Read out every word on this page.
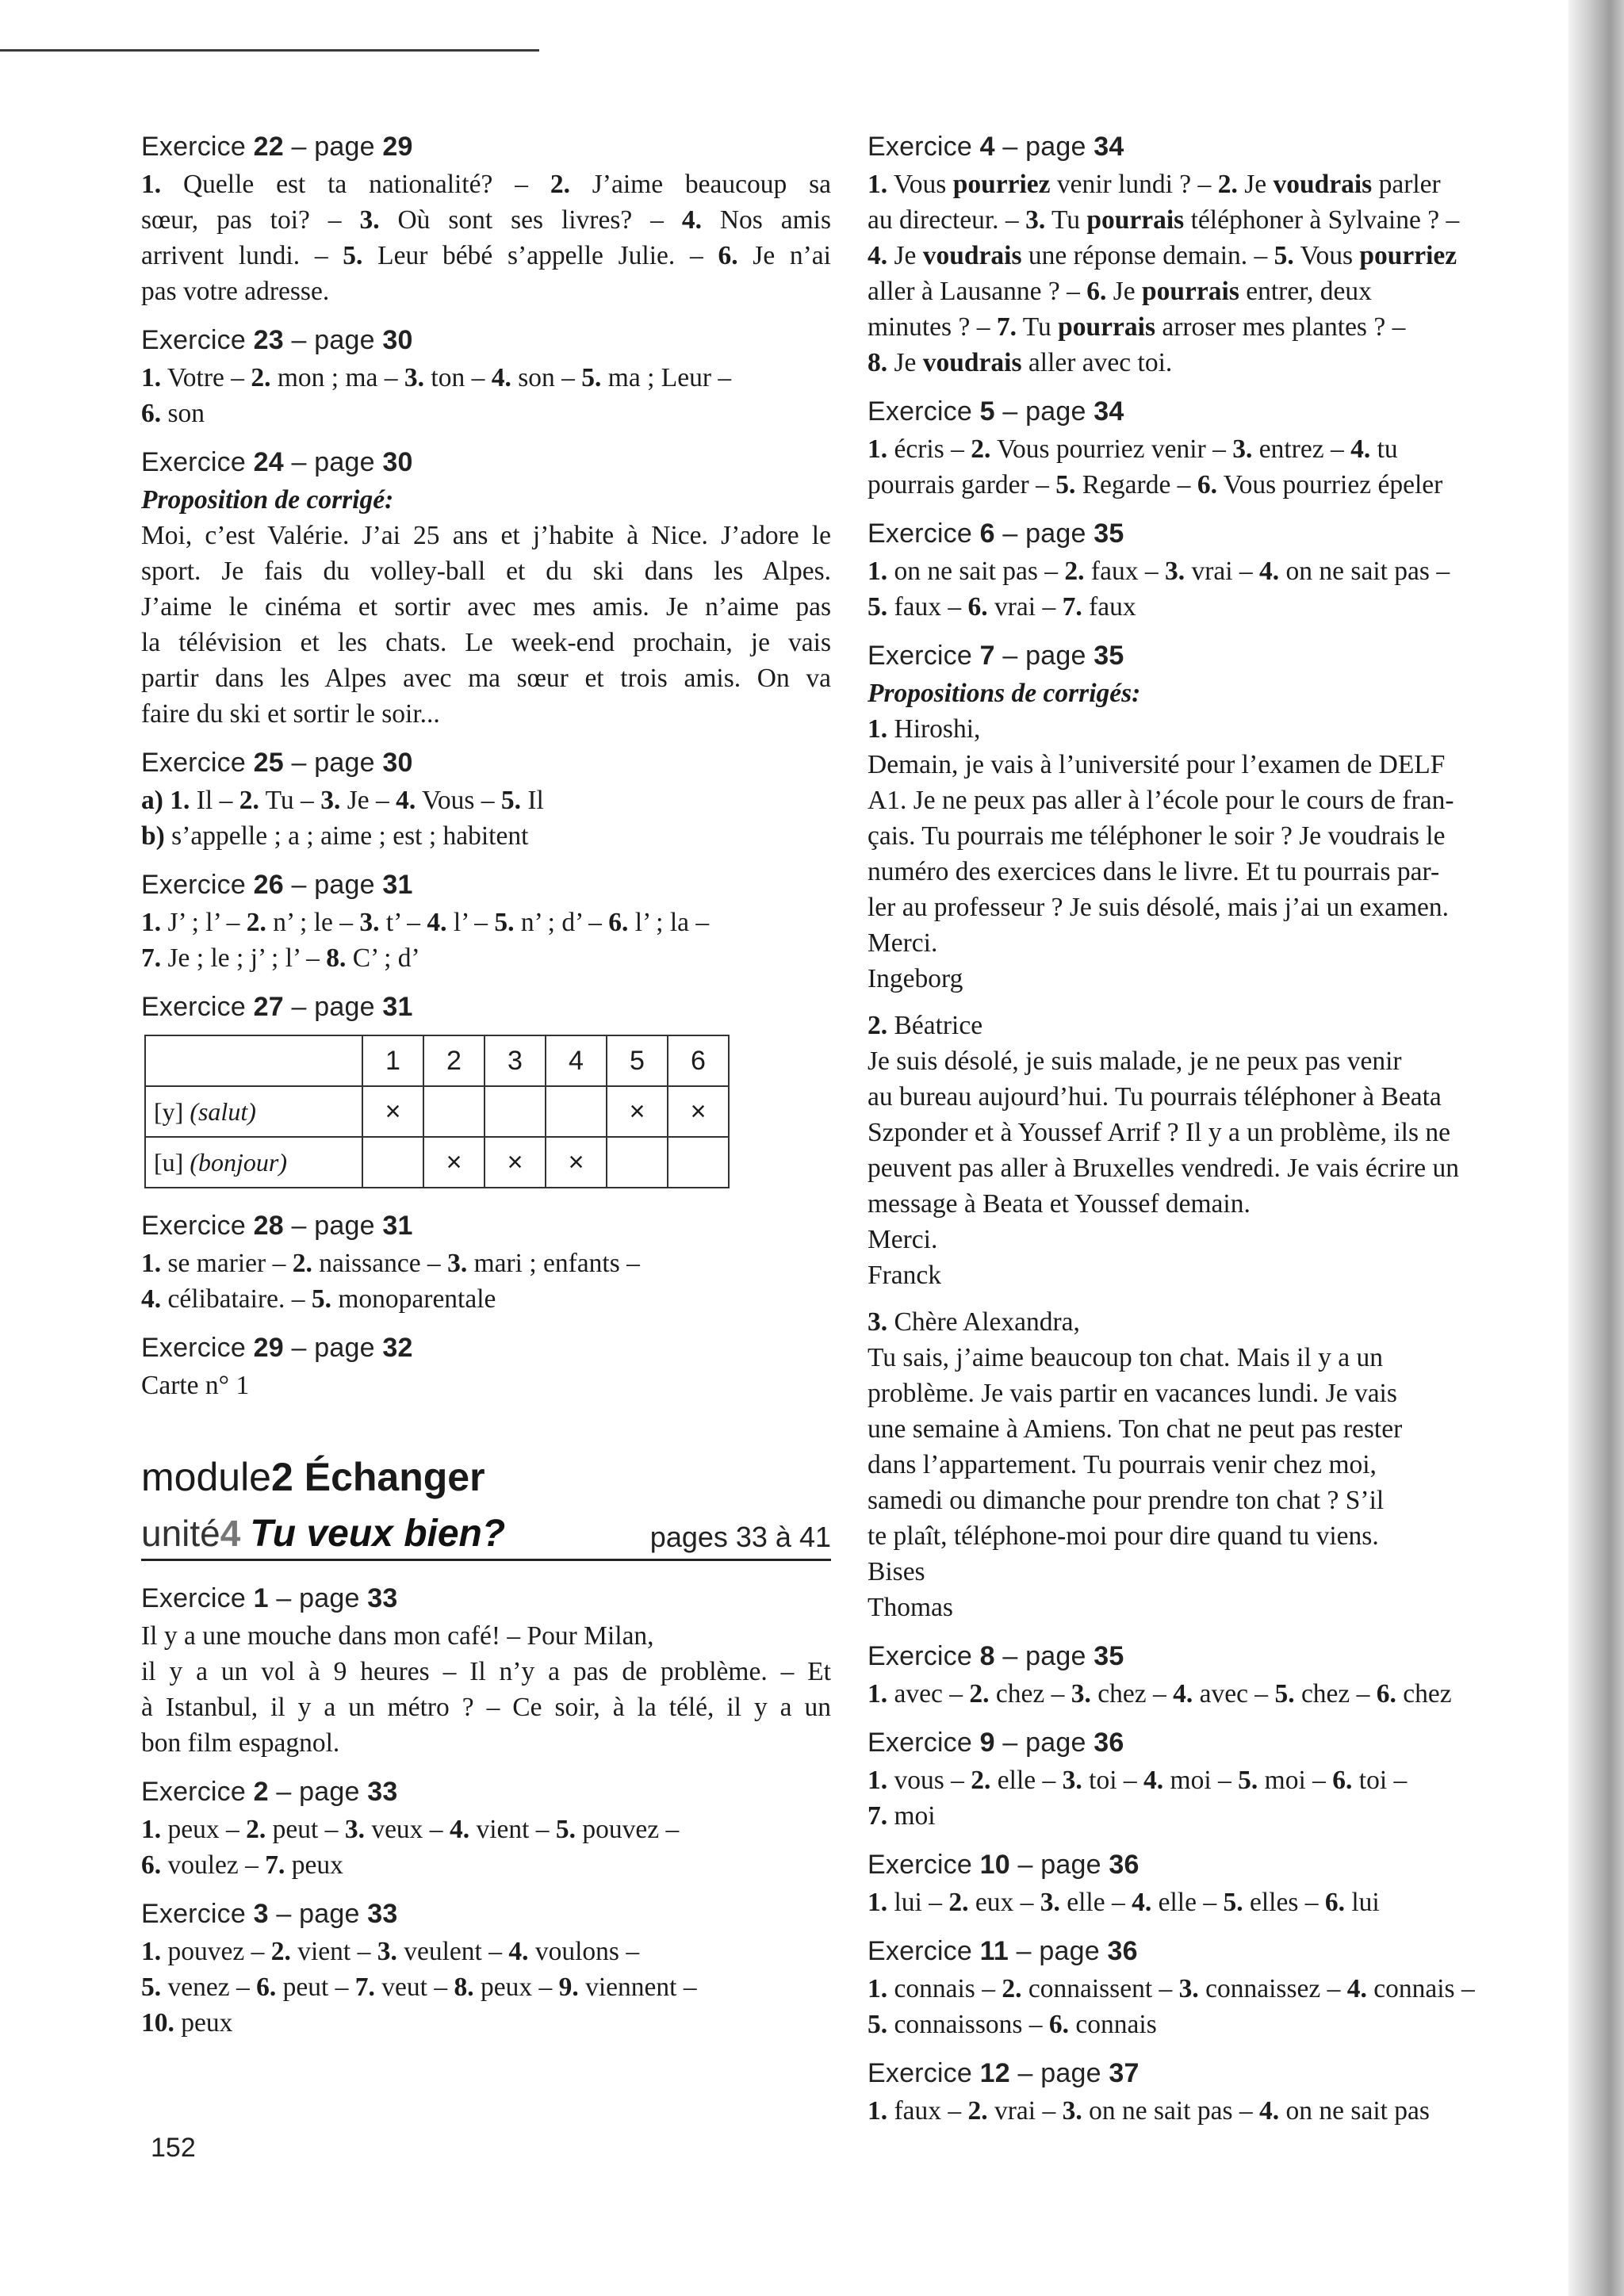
Exercice 22 – page 29
1. Quelle est ta nationalité? – 2. J’aime beaucoup sa
sœur, pas toi? – 3. Où sont ses livres? – 4. Nos amis
arrivent lundi. – 5. Leur bébé s’appelle Julie. – 6. Je n’ai
pas votre adresse.
Exercice 23 – page 30
1. Votre – 2. mon ; ma – 3. ton – 4. son – 5. ma ; Leur –
6. son
Exercice 24 – page 30
Proposition de corrigé:
Moi, c’est Valérie. J’ai 25 ans et j’habite à Nice. J’adore le
sport. Je fais du volley-ball et du ski dans les Alpes.
J’aime le cinéma et sortir avec mes amis. Je n’aime pas
la télévision et les chats. Le week-end prochain, je vais
partir dans les Alpes avec ma sœur et trois amis. On va
faire du ski et sortir le soir...
Exercice 25 – page 30
a) 1. Il – 2. Tu – 3. Je – 4. Vous – 5. Il
b) s’appelle ; a ; aime ; est ; habitent
Exercice 26 – page 31
1. J’ ; l’ – 2. n’ ; le – 3. t’ – 4. l’ – 5. n’ ; d’ – 6. l’ ; la –
7. Je ; le ; j’ ; l’ – 8. C’ ; d’
Exercice 27 – page 31
	1	2	3	4	5	6
[y] (salut)	×				×	×
[u] (bonjour)		×	×	×		
Exercice 28 – page 31
1. se marier – 2. naissance – 3. mari ; enfants –
4. célibataire. – 5. monoparentale
Exercice 29 – page 32
Carte n° 1
module2 Échanger
unité4 Tu veux bien?	pages 33 à 41
Exercice 1 – page 33
Il y a une mouche dans mon café! – Pour Milan,
il y a un vol à 9 heures – Il n’y a pas de problème. – Et
à Istanbul, il y a un métro ? – Ce soir, à la télé, il y a un
bon film espagnol.
Exercice 2 – page 33
1. peux – 2. peut – 3. veux – 4. vient – 5. pouvez –
6. voulez – 7. peux
Exercice 3 – page 33
1. pouvez – 2. vient – 3. veulent – 4. voulons –
5. venez – 6. peut – 7. veut – 8. peux – 9. viennent –
10. peux
Exercice 4 – page 34
1. Vous pourriez venir lundi ? – 2. Je voudrais parler
au directeur. – 3. Tu pourrais téléphoner à Sylvaine ? –
4. Je voudrais une réponse demain. – 5. Vous pourriez
aller à Lausanne ? – 6. Je pourrais entrer, deux
minutes ? – 7. Tu pourrais arroser mes plantes ? –
8. Je voudrais aller avec toi.
Exercice 5 – page 34
1. écris – 2. Vous pourriez venir – 3. entrez – 4. tu
pourrais garder – 5. Regarde – 6. Vous pourriez épeler
Exercice 6 – page 35
1. on ne sait pas – 2. faux – 3. vrai – 4. on ne sait pas –
5. faux – 6. vrai – 7. faux
Exercice 7 – page 35
Propositions de corrigés:
1. Hiroshi,
Demain, je vais à l’université pour l’examen de DELF
A1. Je ne peux pas aller à l’école pour le cours de fran-
çais. Tu pourrais me téléphoner le soir ? Je voudrais le
numéro des exercices dans le livre. Et tu pourrais par-
ler au professeur ? Je suis désolé, mais j’ai un examen.
Merci.
Ingeborg
2. Béatrice
Je suis désolé, je suis malade, je ne peux pas venir
au bureau aujourd’hui. Tu pourrais téléphoner à Beata
Szponder et à Youssef Arrif ? Il y a un problème, ils ne
peuvent pas aller à Bruxelles vendredi. Je vais écrire un
message à Beata et Youssef demain.
Merci.
Franck
3. Chère Alexandra,
Tu sais, j’aime beaucoup ton chat. Mais il y a un
problème. Je vais partir en vacances lundi. Je vais
une semaine à Amiens. Ton chat ne peut pas rester
dans l’appartement. Tu pourrais venir chez moi,
samedi ou dimanche pour prendre ton chat ? S’il
te plaît, téléphone-moi pour dire quand tu viens.
Bises
Thomas
Exercice 8 – page 35
1. avec – 2. chez – 3. chez – 4. avec – 5. chez – 6. chez
Exercice 9 – page 36
1. vous – 2. elle – 3. toi – 4. moi – 5. moi – 6. toi –
7. moi
Exercice 10 – page 36
1. lui – 2. eux – 3. elle – 4. elle – 5. elles – 6. lui
Exercice 11 – page 36
1. connais – 2. connaissent – 3. connaissez – 4. connais –
5. connaissons – 6. connais
Exercice 12 – page 37
1. faux – 2. vrai – 3. on ne sait pas – 4. on ne sait pas
152
